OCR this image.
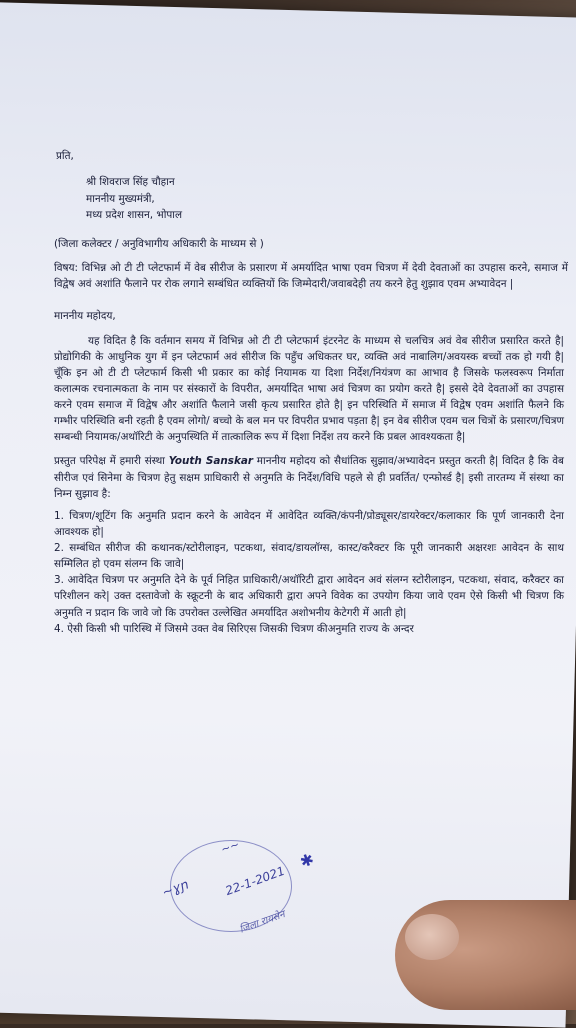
प्रति,
श्री शिवराज सिंह चौहान
माननीय मुख्यमंत्री,
मध्य प्रदेश शासन, भोपाल
(जिला कलेक्टर / अनुविभागीय अधिकारी के माध्यम से )
विषय: विभिन्न ओ टी टी प्लेटफार्म में वेब सीरीज के प्रसारण में अमर्यादित भाषा एवम चित्रण में देवी देवताओं का उपहास करने, समाज में विद्वेष अवं अशांति फैलाने पर रोक लगाने सम्बंधित व्यक्तियों कि जिम्मेदारी/जवाबदेही तय करने हेतु शुझाव एवम अभ्यावेदन |
माननीय महोदय,
यह विदित है कि वर्तमान समय में विभिन्न ओ टी टी प्लेटफार्म इंटरनेट के माध्यम से चलचित्र अवं वेब सीरीज प्रसारित करते है| प्रोद्योगिकी के आधुनिक युग में इन प्लेटफार्म अवं सीरीज कि पहुँच अधिकतर घर, व्यक्ति अवं नाबालिग/अवयस्क बच्चों तक हो गयी है| चूँकि इन ओ टी टी प्लेटफार्म किसी भी प्रकार का कोई नियामक या दिशा निर्देश/नियंत्रण का आभाव है जिसके फलस्वरूप निर्माता कलात्मक रचनात्मकता के नाम पर संस्कारों के विपरीत, अमर्यादित भाषा अवं चित्रण का प्रयोग करते है| इससे देवे देवताओं का उपहास करने एवम समाज में विद्वेष और अशांति फैलाने जसी कृत्य प्रसारित होते है| इन परिस्थिति में समाज में विद्वेष एवम अशांति फैलने कि गम्भीर परिस्थिति बनी रहती है एवम लोगो/ बच्चो के बल मन पर विपरीत प्रभाव पड़ता है| इन वेब सीरीज एवम चल चित्रों के प्रसारण/चित्रण सम्बन्धी नियामक/अथॉरिटी के अनुपस्थिति में तात्कालिक रूप में दिशा निर्देश तय करने कि प्रबल आवश्यकता है|
प्रस्तुत परिपेक्ष में हमारी संस्था Youth Sanskar माननीय महोदय को सैधांतिक सुझाव/अभ्यावेदन प्रस्तुत करती है| विदित है कि वेब सीरीज एवं सिनेमा के चित्रण हेतु सक्षम प्राधिकारी से अनुमति के निर्देश/विधि पहले से ही प्रवर्तित/ एन्फोर्स्ड है| इसी तारतम्य में संस्था का निम्न सुझाव है:
1. चित्रण/शूटिंग कि अनुमति प्रदान करने के आवेदन में आवेदित व्यक्ति/कंपनी/प्रोड्यूसर/डायरेक्टर/कलाकार कि पूर्ण जानकारी देना आवश्यक हो|
2. सम्बंधित सीरीज की कथानक/स्टोरीलाइन, पटकथा, संवाद/डायलॉग्स, कास्ट/करैक्टर कि पूरी जानकारी अक्षरशः आवेदन के साथ सम्मिलित हो एवम संलग्न कि जावे|
3. आवेदित चित्रण पर अनुमति देने के पूर्व निहित प्राधिकारी/अथॉरिटी द्वारा आवेदन अवं संलग्न स्टोरीलाइन, पटकथा, संवाद, करैक्टर का परिशीलन करे| उक्त दस्तावेजो के स्क्रूटनी के बाद अधिकारी द्वारा अपने विवेक का उपयोग किया जावे एवम ऐसे किसी भी चित्रण कि अनुमति न प्रदान कि जावे जो कि उपरोक्त उल्लेखित अमर्यादित अशोभनीय केटेगरी में आती हो|
4. ऐसी किसी भी पारिस्थि में जिसमे उक्त वेब सिरिएस जिसकी चित्रण कीअनुमति राज्य के अन्दर
~ɣɲ
~~
22-1-2021
✱
जिला रायसेन
